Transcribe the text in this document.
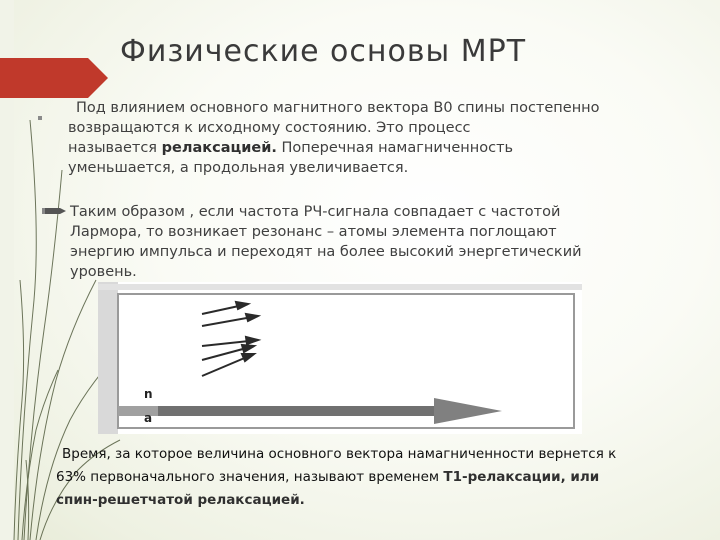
Физические основы МРТ
Под влиянием основного магнитного вектора В0 спины постепенно
возвращаются к исходному состоянию. Это процесс
называется релаксацией. Поперечная намагниченность
уменьшается, а продольная увеличивается.
Таким образом , если частота РЧ-сигнала совпадает с частотой
Лармора, то возникает резонанс – атомы элемента поглощают
энергию импульса и переходят на более высокий энергетический
уровень.
n
a
Время, за которое величина основного вектора намагниченности вернется к
63% первоначального значения, называют временем Т1-релаксации, или
спин-решетчатой релаксацией.
